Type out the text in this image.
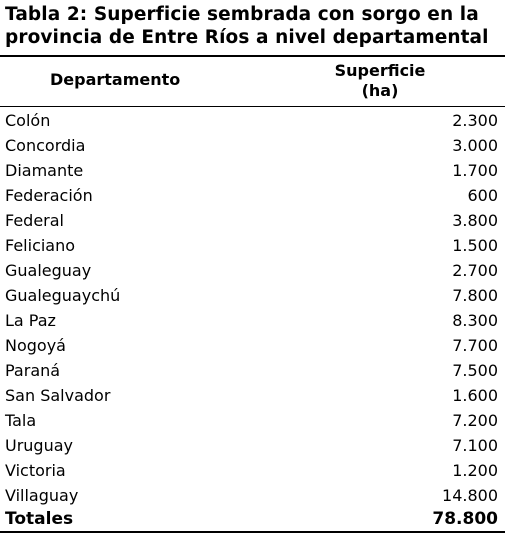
Tabla 2: Superficie sembrada con sorgo en la
provincia de Entre Ríos a nivel departamental
Departamento	Superficie
(ha)
Colón	2.300
Concordia	3.000
Diamante	1.700
Federación	600
Federal	3.800
Feliciano	1.500
Gualeguay	2.700
Gualeguaychú	7.800
La Paz	8.300
Nogoyá	7.700
Paraná	7.500
San Salvador	1.600
Tala	7.200
Uruguay	7.100
Victoria	1.200
Villaguay	14.800
Totales	78.800
